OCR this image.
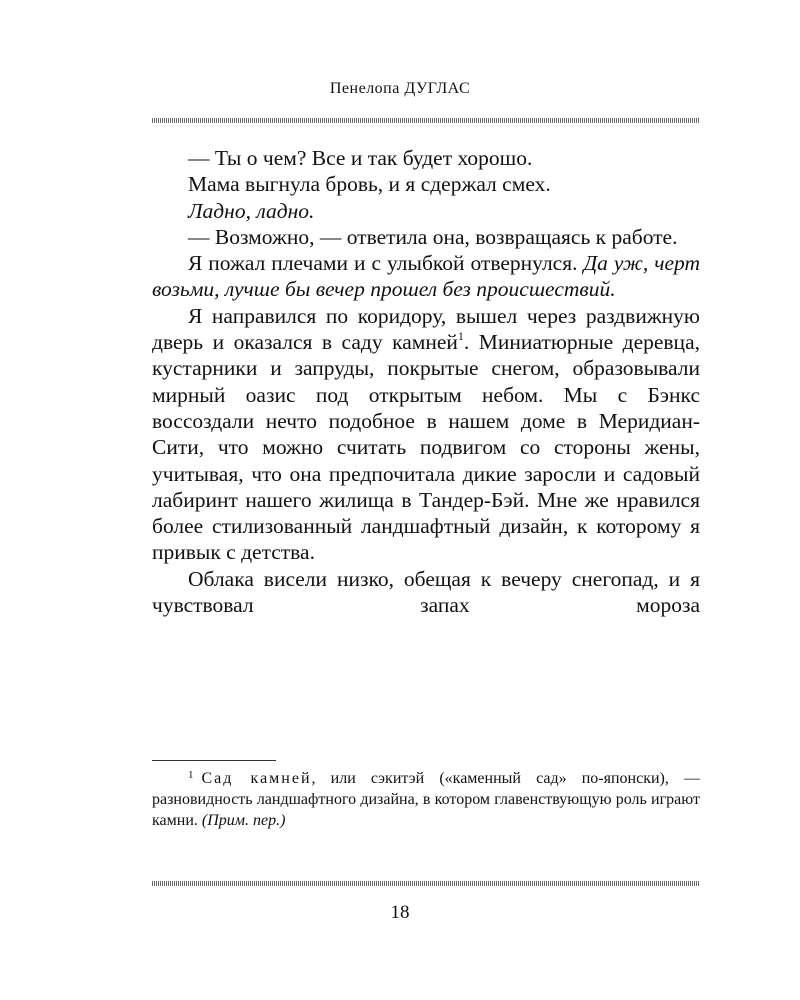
Пенелопа ДУГЛАС

— Ты о чем? Все и так будет хорошо.

Мама выгнула бровь, и я сдержал смех.

Ладно, ладно.

— Возможно, — ответила она, возвращаясь к работе.

Я пожал плечами и с улыбкой отвернулся. Да уж, черт возьми, лучше бы вечер прошел без происшествий.

Я направился по коридору, вышел через раздвижную дверь и оказался в саду камней$^1$. Миниатюрные деревца, кустарники и запруды, покрытые снегом, образовывали мирный оазис под открытым небом. Мы с Бэнкс воссоздали нечто подобное в нашем доме в Меридиан-Сити, что можно считать подвигом со стороны жены, учитывая, что она предпочитала дикие заросли и садовый лабиринт нашего жилища в Тандер-Бэй. Мне же нравился более стилизованный ландшафтный дизайн, к которому я привык с детства.

Облака висели низко, обещая к вечеру снегопад, и я чувствовал запах мороза

$^1$ Сад камней, или сэкитэй («каменный сад» по-японски), — разновидность ландшафтного дизайна, в котором главенствующую роль играют камни. (Прим. пер.)

18
